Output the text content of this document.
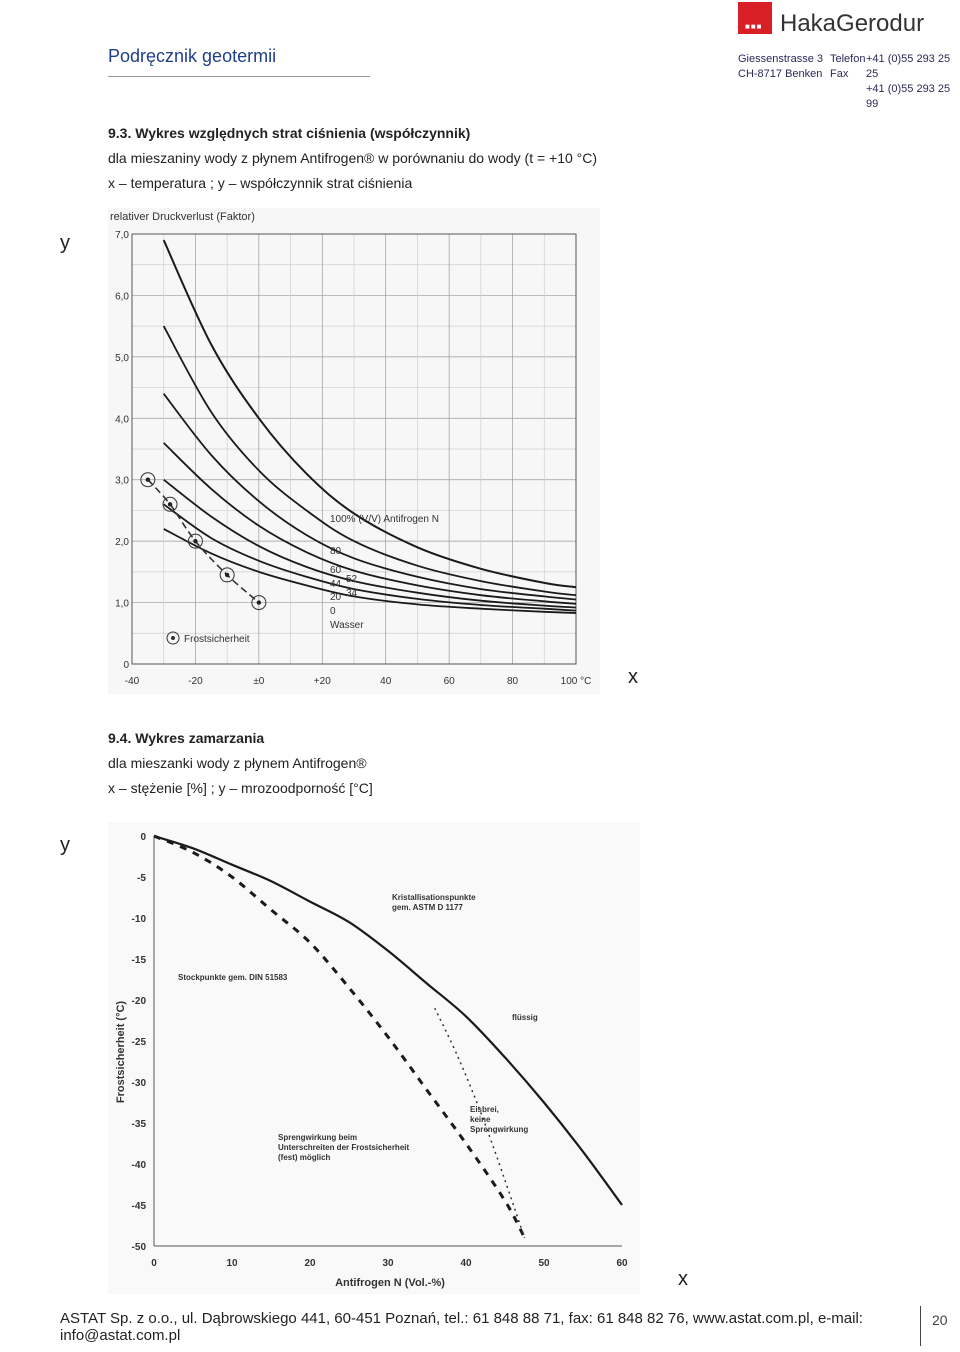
Podręcznik geotermii
■■■ HakaGerodur
Giessenstrasse 3
CH-8717 Benken
Telefon
Fax
+41 (0)55 293 25 25
+41 (0)55 293 25 99
9.3. Wykres względnych strat ciśnienia (współczynnik)
dla mieszaniny wody z płynem Antifrogen® w porównaniu do wody (t = +10 °C)
x – temperatura ; y – współczynnik strat ciśnienia
y
x
0
1,0
2,0
3,0
4,0
5,0
6,0
7,0
-40	-20	±0	+20	40	60	80	100 °C
relativer Druckverlust (Faktor)
100% (V/V) Antifrogen N
80
60
44 52
34
20
0
Wasser
Frostsicherheit
9.4. Wykres zamarzania
dla mieszanki wody z płynem Antifrogen®
x – stężenie [%] ; y – mrozoodporność [°C]
y
x
0
-5
-10
-15
-20
-25
-30
-35
-40
-45
-50
0	10	20	30	40	50	60
Frostsicherheit (°C)
Antifrogen N (Vol.-%)
Kristallisationspunkte
gem. ASTM D 1177
Stockpunkte gem. DIN 51583
flüssig
Eisbrei,
keine
Sprengwirkung
Sprengwirkung beim
Unterschreiten der Frostsicherheit
(fest) möglich
ASTAT Sp. z o.o., ul. Dąbrowskiego 441, 60-451 Poznań, tel.: 61 848 88 71, fax: 61 848 82 76, www.astat.com.pl, e-mail: info@astat.com.pl
20
